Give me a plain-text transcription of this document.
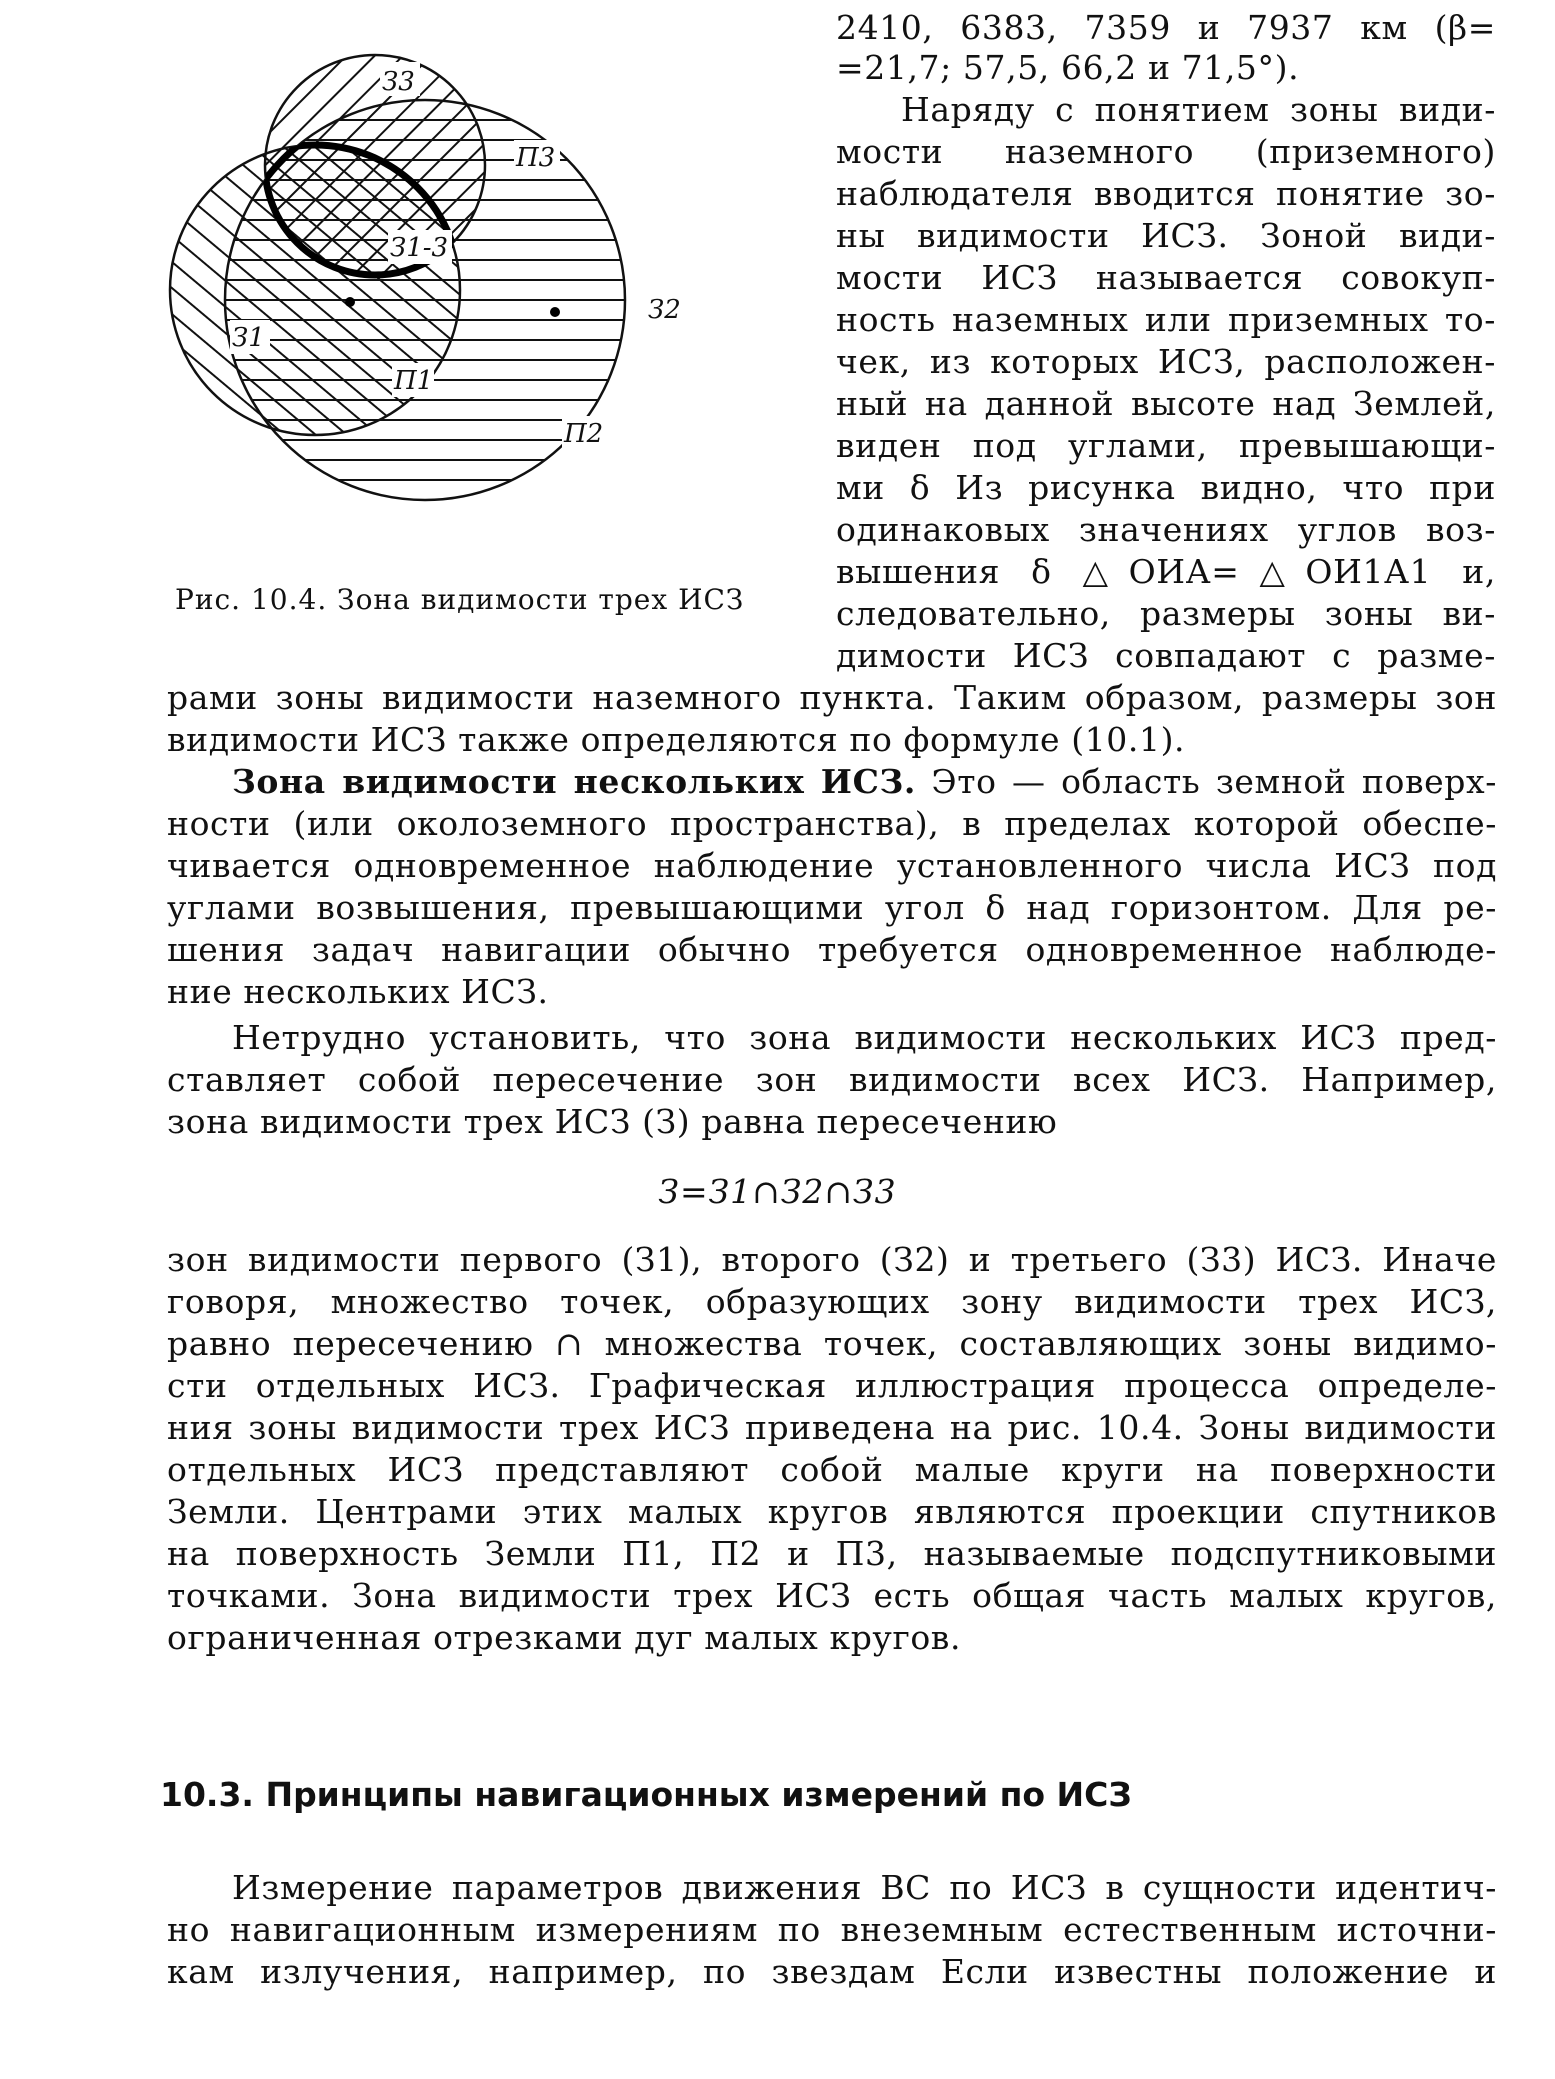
З3
П3
З1-3
З2
З1
П1
П2
Рис. 10.4. Зона видимости трех ИСЗ
2410, 6383, 7359 и 7937 км (β=
=21,7; 57,5, 66,2 и 71,5°).
Наряду с понятием зоны види-
мости наземного (приземного)
наблюдателя вводится понятие зо-
ны видимости ИСЗ. Зоной види-
мости ИСЗ называется совокуп-
ность наземных или приземных то-
чек, из которых ИСЗ, расположен-
ный на данной высоте над Землей,
виден под углами, превышающи-
ми δ Из рисунка видно, что при
одинаковых значениях углов воз-
вышения δ △ОИА=△ОИ1А1 и,
следовательно, размеры зоны ви-
димости ИСЗ совпадают с разме-
рами зоны видимости наземного пункта. Таким образом, размеры зон
видимости ИСЗ также определяются по формуле (10.1).
Зона видимости нескольких ИСЗ. Это — область земной поверх-
ности (или околоземного пространства), в пределах которой обеспе-
чивается одновременное наблюдение установленного числа ИСЗ под
углами возвышения, превышающими угол δ над горизонтом. Для ре-
шения задач навигации обычно требуется одновременное наблюде-
ние нескольких ИСЗ.
Нетрудно установить, что зона видимости нескольких ИСЗ пред-
ставляет собой пересечение зон видимости всех ИСЗ. Например,
зона видимости трех ИСЗ (З) равна пересечению
З=З1∩З2∩З3
зон видимости первого (З1), второго (З2) и третьего (З3) ИСЗ. Иначе
говоря, множество точек, образующих зону видимости трех ИСЗ,
равно пересечению ∩ множества точек, составляющих зоны видимо-
сти отдельных ИСЗ. Графическая иллюстрация процесса определе-
ния зоны видимости трех ИСЗ приведена на рис. 10.4. Зоны видимости
отдельных ИСЗ представляют собой малые круги на поверхности
Земли. Центрами этих малых кругов являются проекции спутников
на поверхность Земли П1, П2 и П3, называемые подспутниковыми
точками. Зона видимости трех ИСЗ есть общая часть малых кругов,
ограниченная отрезками дуг малых кругов.
10.3. Принципы навигационных измерений по ИСЗ
Измерение параметров движения ВС по ИСЗ в сущности идентич-
но навигационным измерениям по внеземным естественным источни-
кам излучения, например, по звездам Если известны положение и
